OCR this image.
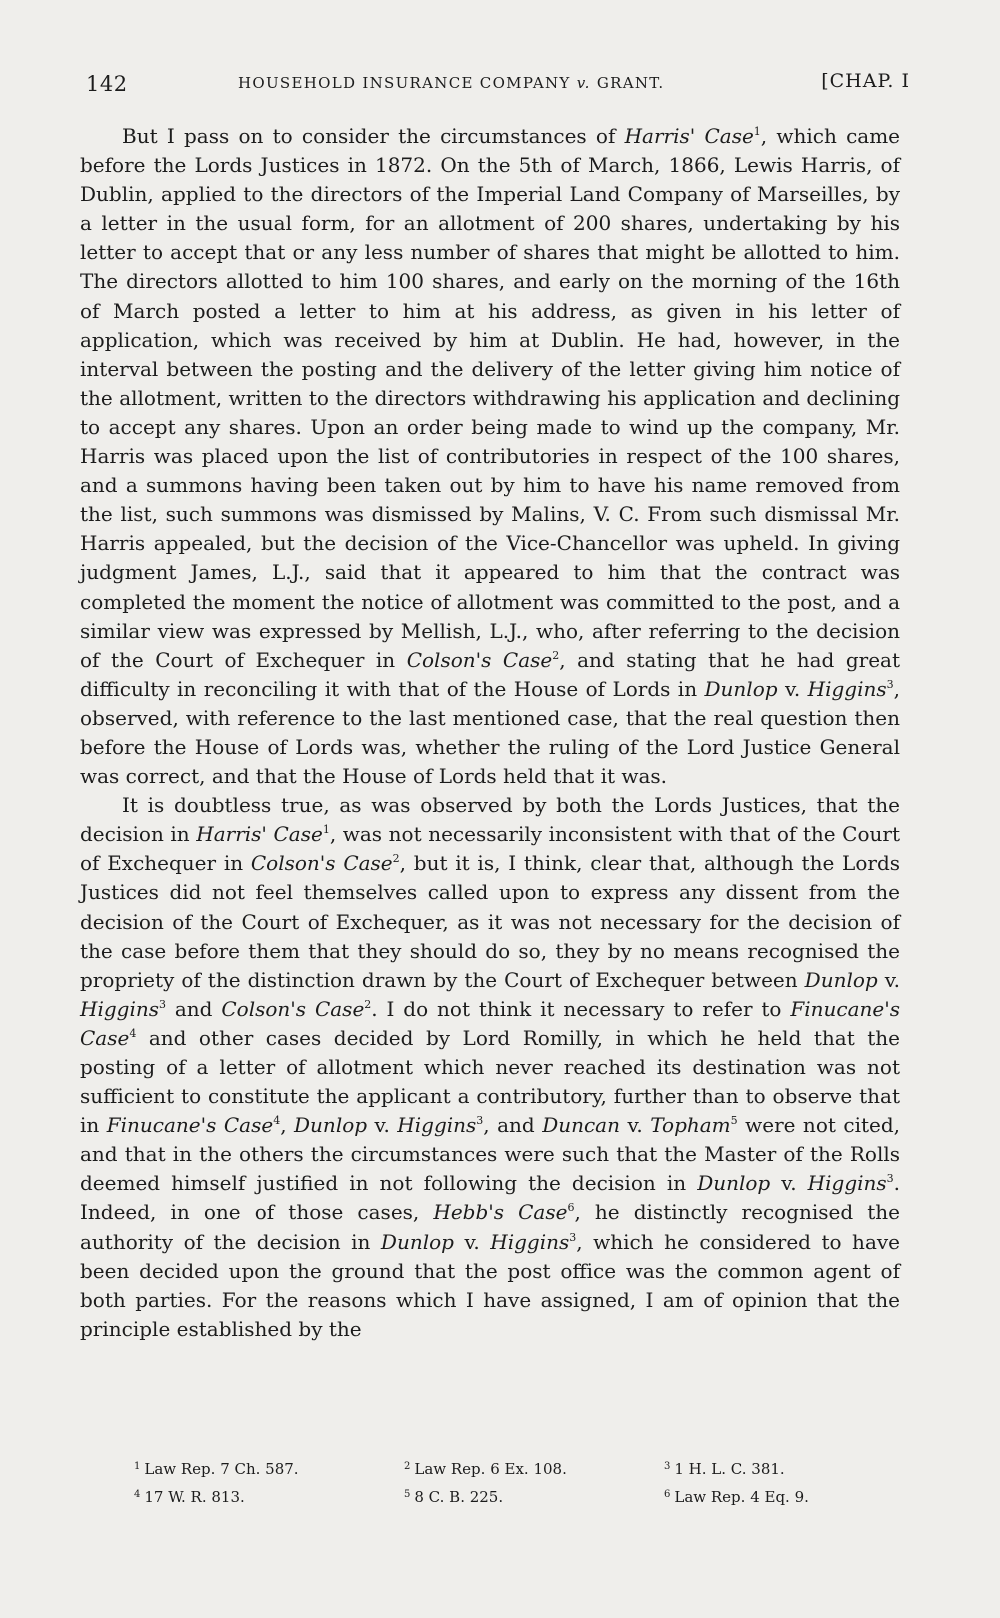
142	HOUSEHOLD INSURANCE COMPANY v. GRANT.	[CHAP. I

But I pass on to consider the circumstances of Harris' Case$^1$, which came before the Lords Justices in 1872. On the 5th of March, 1866, Lewis Harris, of Dublin, applied to the directors of the Imperial Land Company of Marseilles, by a letter in the usual form, for an allotment of 200 shares, undertaking by his letter to accept that or any less number of shares that might be allotted to him. The directors allotted to him 100 shares, and early on the morning of the 16th of March posted a letter to him at his address, as given in his letter of application, which was received by him at Dublin. He had, however, in the interval between the posting and the delivery of the letter giving him notice of the allotment, written to the directors withdrawing his application and declining to accept any shares. Upon an order being made to wind up the company, Mr. Harris was placed upon the list of contributories in respect of the 100 shares, and a summons having been taken out by him to have his name removed from the list, such summons was dismissed by Malins, V. C. From such dismissal Mr. Harris appealed, but the decision of the Vice-Chancellor was upheld. In giving judgment James, L.J., said that it appeared to him that the contract was completed the moment the notice of allotment was committed to the post, and a similar view was expressed by Mellish, L.J., who, after referring to the decision of the Court of Exchequer in Colson's Case$^2$, and stating that he had great difficulty in reconciling it with that of the House of Lords in Dunlop v. Higgins$^3$, observed, with reference to the last mentioned case, that the real question then before the House of Lords was, whether the ruling of the Lord Justice General was correct, and that the House of Lords held that it was.

It is doubtless true, as was observed by both the Lords Justices, that the decision in Harris' Case$^1$, was not necessarily inconsistent with that of the Court of Exchequer in Colson's Case$^2$, but it is, I think, clear that, although the Lords Justices did not feel themselves called upon to express any dissent from the decision of the Court of Exchequer, as it was not necessary for the decision of the case before them that they should do so, they by no means recognised the propriety of the distinction drawn by the Court of Exchequer between Dunlop v. Higgins$^3$ and Colson's Case$^2$. I do not think it necessary to refer to Finucane's Case$^4$ and other cases decided by Lord Romilly, in which he held that the posting of a letter of allotment which never reached its destination was not sufficient to constitute the applicant a contributory, further than to observe that in Finucane's Case$^4$, Dunlop v. Higgins$^3$, and Duncan v. Topham$^5$ were not cited, and that in the others the circumstances were such that the Master of the Rolls deemed himself justified in not following the decision in Dunlop v. Higgins$^3$. Indeed, in one of those cases, Hebb's Case$^6$, he distinctly recognised the authority of the decision in Dunlop v. Higgins$^3$, which he considered to have been decided upon the ground that the post office was the common agent of both parties. For the reasons which I have assigned, I am of opinion that the principle established by the

$^1$ Law Rep. 7 Ch. 587.	$^2$ Law Rep. 6 Ex. 108.	$^3$ 1 H. L. C. 381.
$^4$ 17 W. R. 813.	$^5$ 8 C. B. 225.	$^6$ Law Rep. 4 Eq. 9.
